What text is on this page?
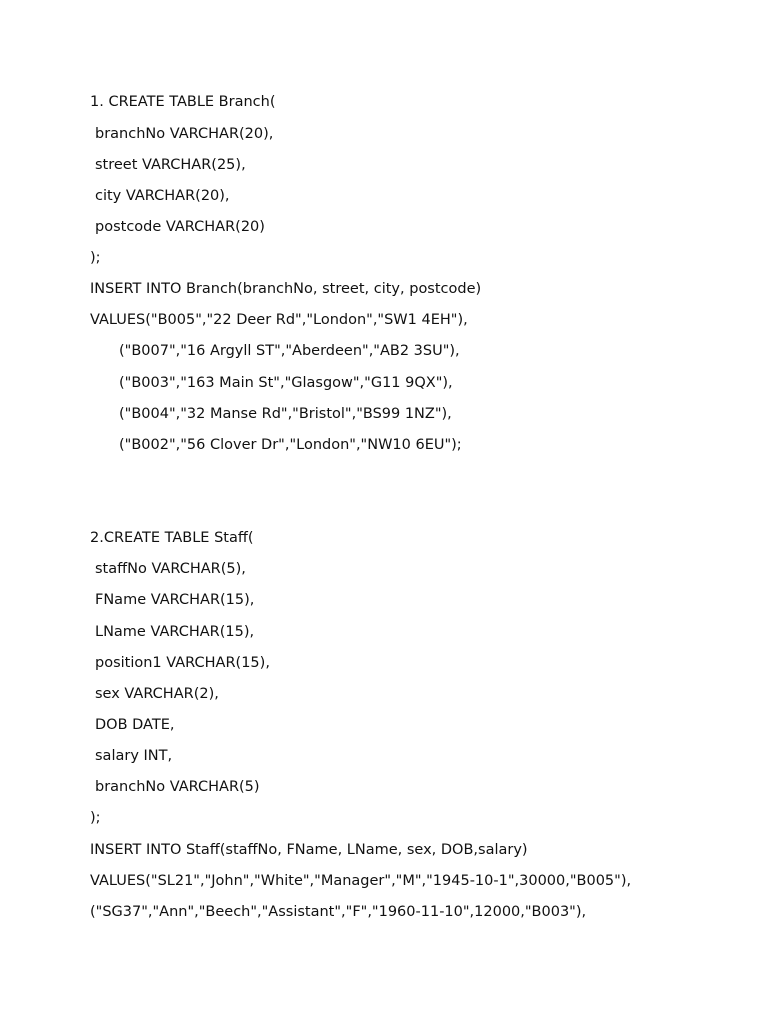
1. CREATE TABLE Branch(

branchNo VARCHAR(20),

street VARCHAR(25),

city VARCHAR(20),

postcode VARCHAR(20)

);

INSERT INTO Branch(branchNo, street, city, postcode)

VALUES("B005","22 Deer Rd","London","SW1 4EH"),

("B007","16 Argyll ST","Aberdeen","AB2 3SU"),

("B003","163 Main St","Glasgow","G11 9QX"),

("B004","32 Manse Rd","Bristol","BS99 1NZ"),

("B002","56 Clover Dr","London","NW10 6EU");

2.CREATE TABLE Staff(

staffNo VARCHAR(5),

FName VARCHAR(15),

LName VARCHAR(15),

position1 VARCHAR(15),

sex VARCHAR(2),

DOB DATE,

salary INT,

branchNo VARCHAR(5)

);

INSERT INTO Staff(staffNo, FName, LName, sex, DOB,salary)

VALUES("SL21","John","White","Manager","M","1945-10-1",30000,"B005"),

("SG37","Ann","Beech","Assistant","F","1960-11-10",12000,"B003"),
